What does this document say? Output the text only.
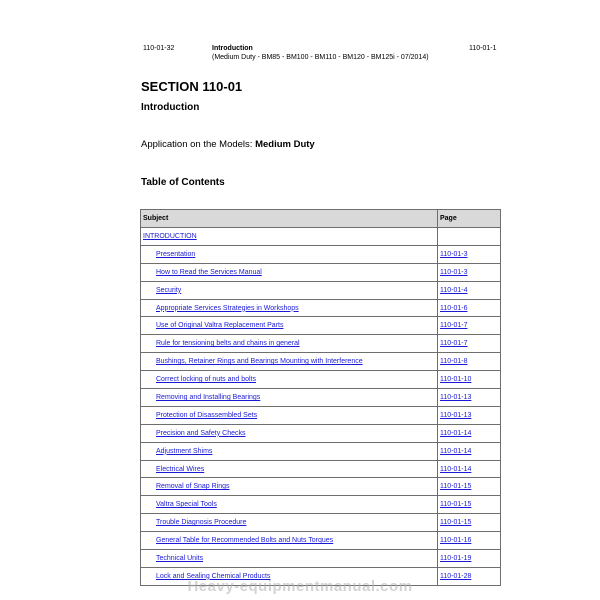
110-01-32	Introduction
(Medium Duty - BM85 - BM100 - BM110 - BM120 - BM125i - 07/2014)
110-01-1
SECTION 110-01
Introduction
Application on the Models: Medium Duty
Table of Contents
Subject	Page
INTRODUCTION	
Presentation	110-01-3
How to Read the Services Manual	110-01-3
Security	110-01-4
Appropriate Services Strategies in Workshops	110-01-6
Use of Original Valtra Replacement Parts	110-01-7
Rule for tensioning belts and chains in general	110-01-7
Bushings, Retainer Rings and Bearings Mounting with Interference	110-01-8
Correct locking of nuts and bolts	110-01-10
Removing and Installing Bearings	110-01-13
Protection of Disassembled Sets	110-01-13
Precision and Safety Checks	110-01-14
Adjustment Shims	110-01-14
Electrical Wires	110-01-14
Removal of Snap Rings	110-01-15
Valtra Special Tools	110-01-15
Trouble Diagnosis Procedure	110-01-15
General Table for Recommended Bolts and Nuts Torques	110-01-16
Technical Units	110-01-19
Lock and Sealing Chemical Products	110-01-28
Heavy-equipmentmanual.com
